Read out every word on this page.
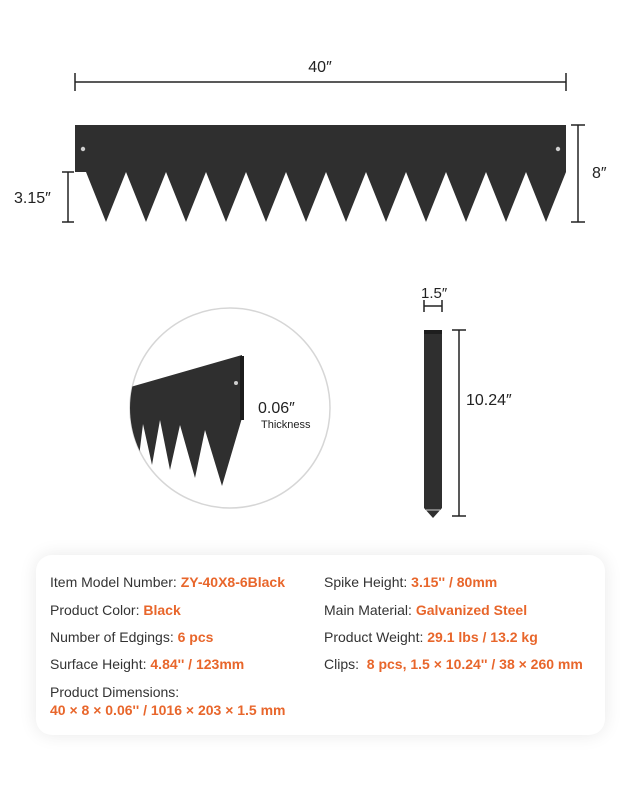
40″
8″
3.15″
0.06″
Thickness
1.5″
10.24″
Item Model Number: ZY-40X8-6Black
Product Color: Black
Number of Edgings: 6 pcs
Surface Height: 4.84'' / 123mm
Product Dimensions:
40 × 8 × 0.06'' / 1016 × 203 × 1.5 mm
Spike Height: 3.15'' / 80mm
Main Material: Galvanized Steel
Product Weight: 29.1 lbs / 13.2 kg
Clips:  8 pcs, 1.5 × 10.24'' / 38 × 260 mm
